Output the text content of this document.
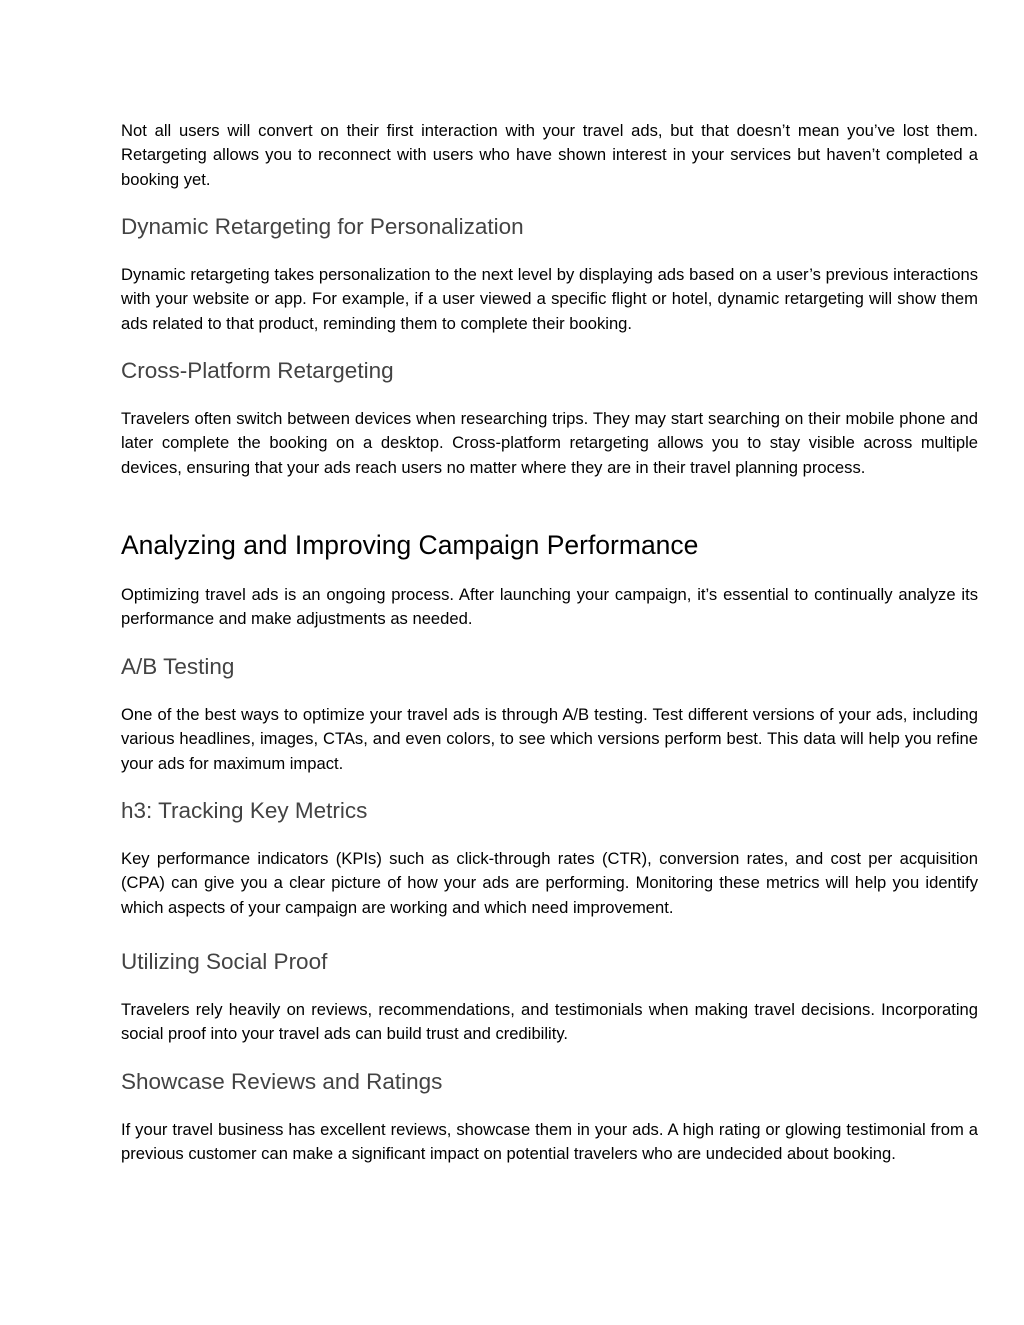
Not all users will convert on their first interaction with your travel ads, but that doesn’t mean you’ve lost them. Retargeting allows you to reconnect with users who have shown interest in your services but haven’t completed a booking yet.

Dynamic Retargeting for Personalization

Dynamic retargeting takes personalization to the next level by displaying ads based on a user’s previous interactions with your website or app. For example, if a user viewed a specific flight or hotel, dynamic retargeting will show them ads related to that product, reminding them to complete their booking.

Cross-Platform Retargeting

Travelers often switch between devices when researching trips. They may start searching on their mobile phone and later complete the booking on a desktop. Cross-platform retargeting allows you to stay visible across multiple devices, ensuring that your ads reach users no matter where they are in their travel planning process.

Analyzing and Improving Campaign Performance

Optimizing travel ads is an ongoing process. After launching your campaign, it’s essential to continually analyze its performance and make adjustments as needed.

A/B Testing

One of the best ways to optimize your travel ads is through A/B testing. Test different versions of your ads, including various headlines, images, CTAs, and even colors, to see which versions perform best. This data will help you refine your ads for maximum impact.

h3: Tracking Key Metrics

Key performance indicators (KPIs) such as click-through rates (CTR), conversion rates, and cost per acquisition (CPA) can give you a clear picture of how your ads are performing. Monitoring these metrics will help you identify which aspects of your campaign are working and which need improvement.

Utilizing Social Proof

Travelers rely heavily on reviews, recommendations, and testimonials when making travel decisions. Incorporating social proof into your travel ads can build trust and credibility.

Showcase Reviews and Ratings

If your travel business has excellent reviews, showcase them in your ads. A high rating or glowing testimonial from a previous customer can make a significant impact on potential travelers who are undecided about booking.
